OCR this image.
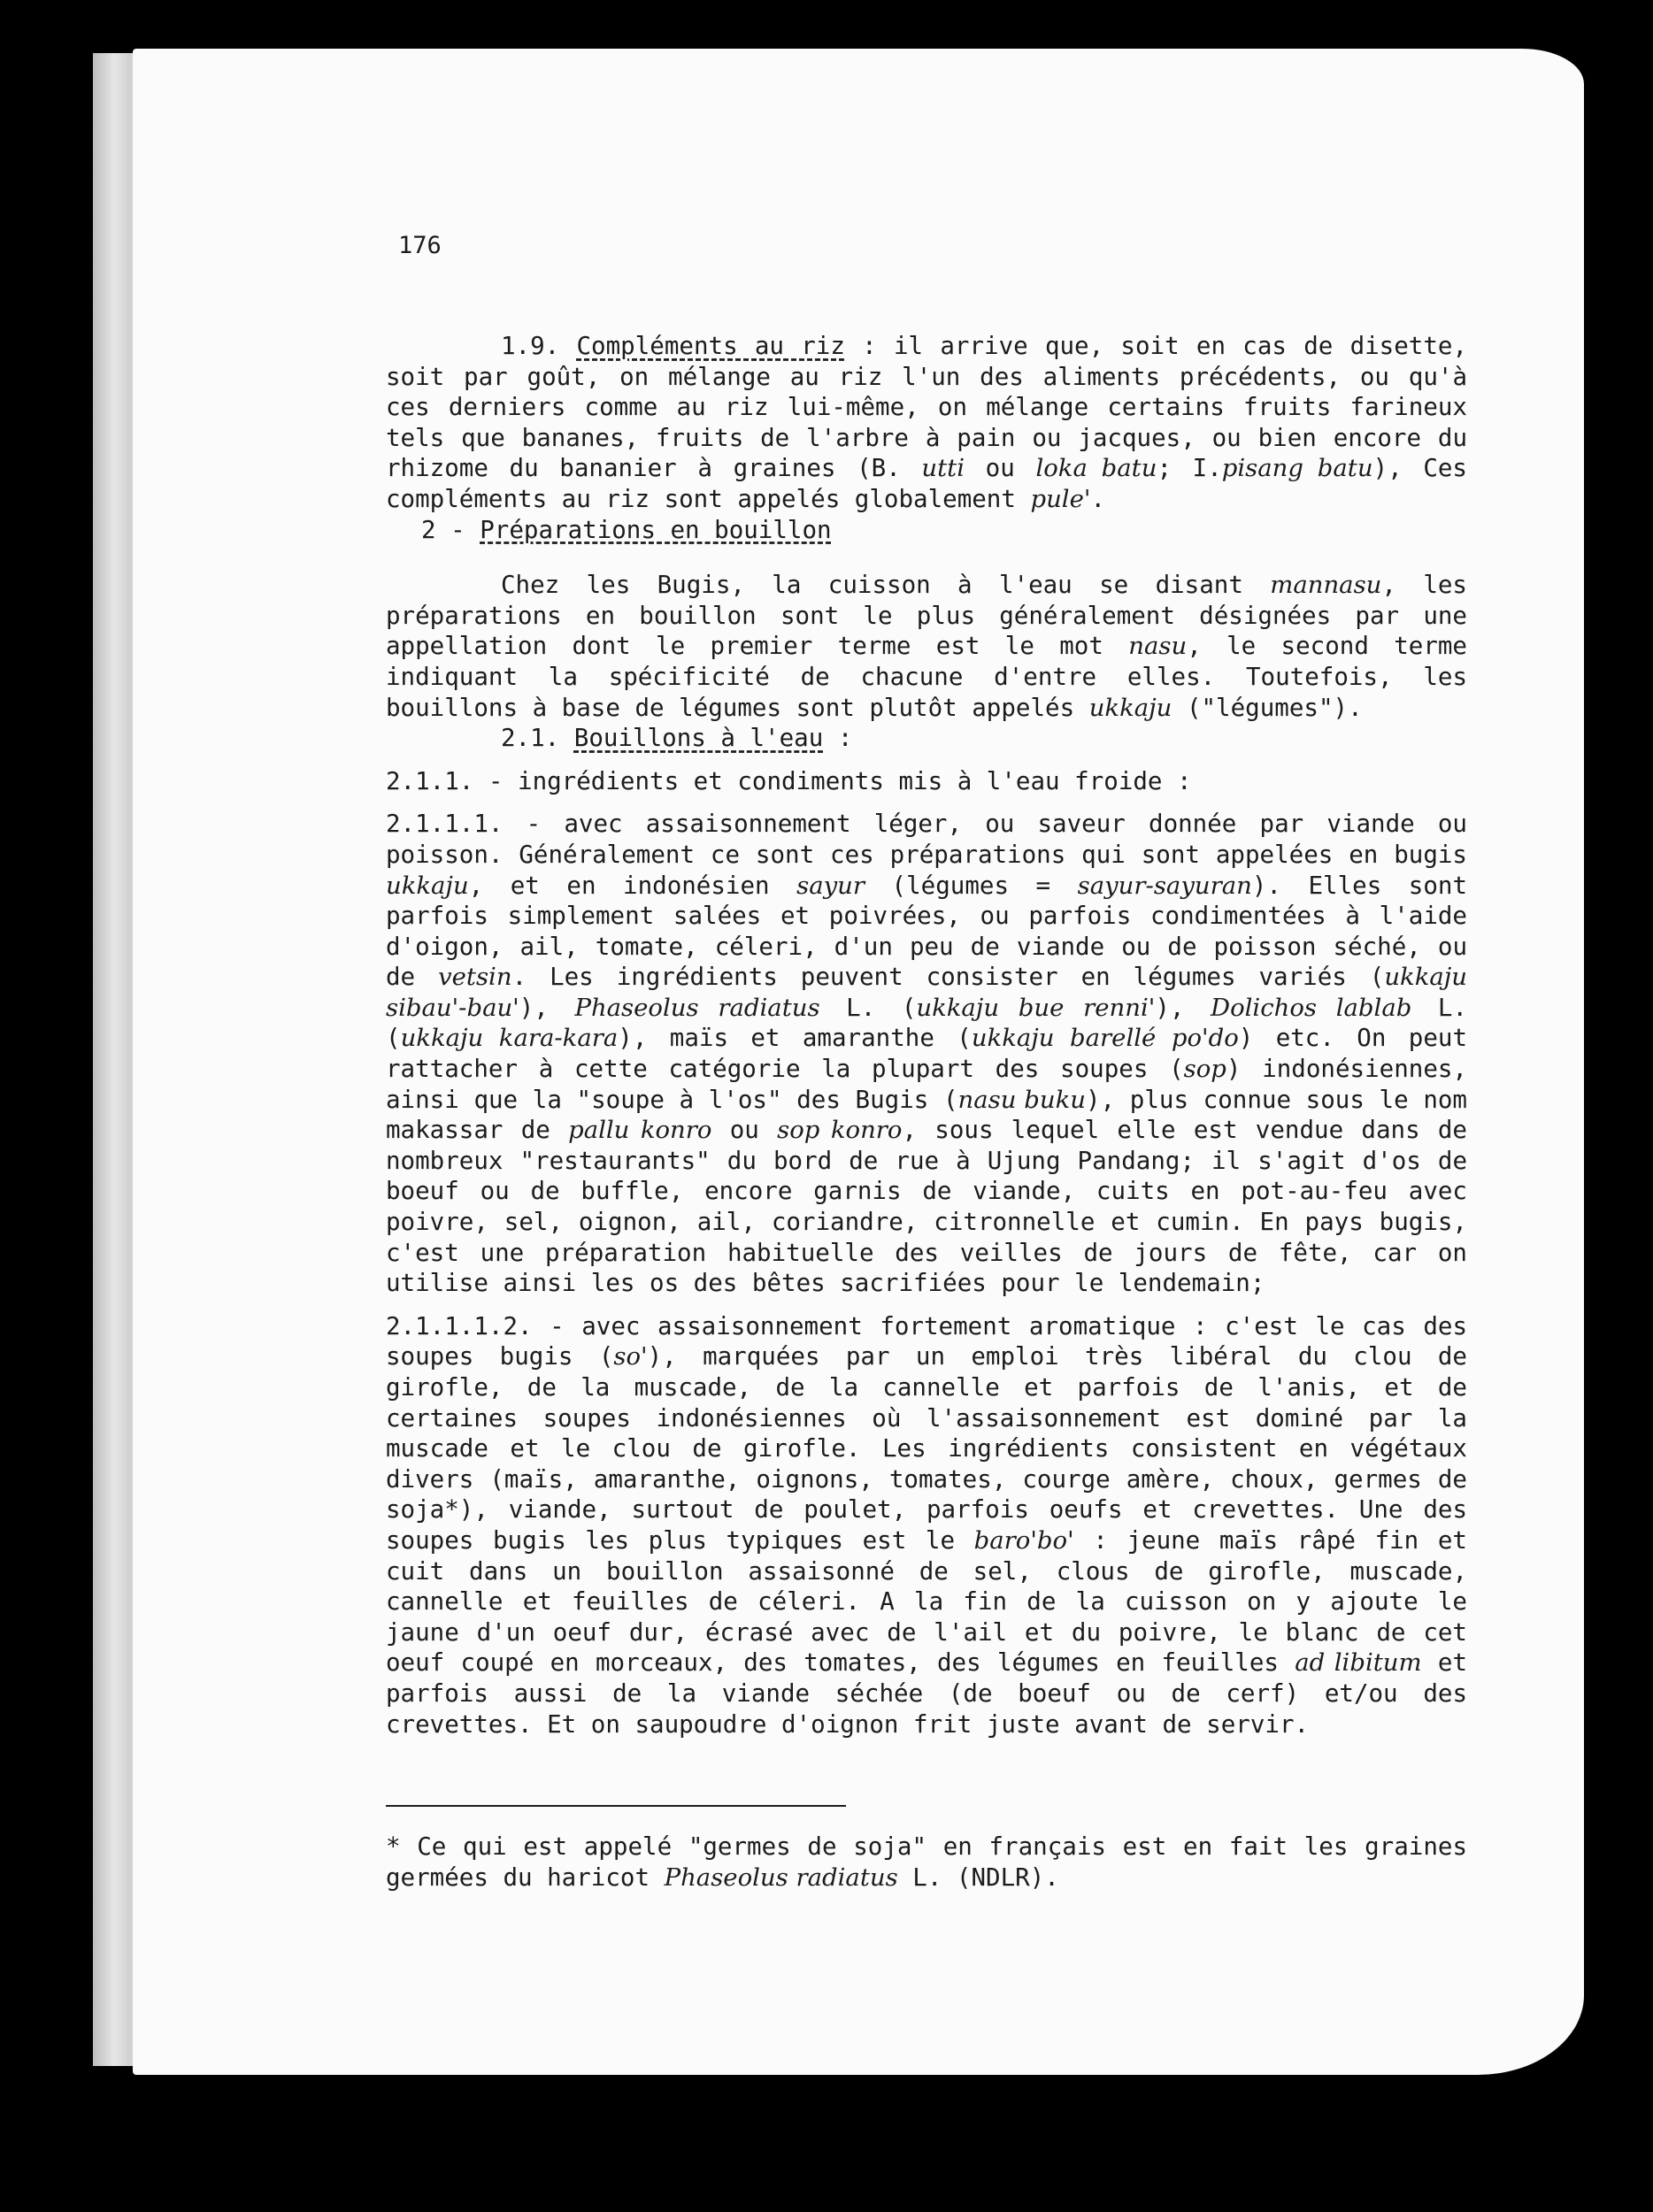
176

1.9. Compléments au riz : il arrive que, soit en cas de disette, soit par goût, on mélange au riz l'un des aliments précédents, ou qu'à ces derniers comme au riz lui-même, on mélange certains fruits farineux tels que bananes, fruits de l'arbre à pain ou jacques, ou bien encore du rhizome du bananier à graines (B. utti ou loka batu; I.pisang batu), Ces compléments au riz sont appelés globalement pule'.

2 - Préparations en bouillon

Chez les Bugis, la cuisson à l'eau se disant mannasu, les préparations en bouillon sont le plus généralement désignées par une appellation dont le premier terme est le mot nasu, le second terme indiquant la spécificité de chacune d'entre elles. Toutefois, les bouillons à base de légumes sont plutôt appelés ukkaju ("légumes").

2.1. Bouillons à l'eau :

2.1.1. - ingrédients et condiments mis à l'eau froide :

2.1.1.1. - avec assaisonnement léger, ou saveur donnée par viande ou poisson. Généralement ce sont ces préparations qui sont appelées en bugis ukkaju, et en indonésien sayur (légumes = sayur-sayuran). Elles sont parfois simplement salées et poivrées, ou parfois condimentées à l'aide d'oigon, ail, tomate, céleri, d'un peu de viande ou de poisson séché, ou de vetsin. Les ingrédients peuvent consister en légumes variés (ukkaju sibau'-bau'), Phaseolus radiatus L. (ukkaju bue renni'), Dolichos lablab L. (ukkaju kara-kara), maïs et amaranthe (ukkaju barellé po'do) etc. On peut rattacher à cette catégorie la plupart des soupes (sop) indonésiennes, ainsi que la "soupe à l'os" des Bugis (nasu buku), plus connue sous le nom makassar de pallu konro ou sop konro, sous lequel elle est vendue dans de nombreux "restaurants" du bord de rue à Ujung Pandang; il s'agit d'os de boeuf ou de buffle, encore garnis de viande, cuits en pot-au-feu avec poivre, sel, oignon, ail, coriandre, citronnelle et cumin. En pays bugis, c'est une préparation habituelle des veilles de jours de fête, car on utilise ainsi les os des bêtes sacrifiées pour le lendemain;

2.1.1.1.2. - avec assaisonnement fortement aromatique : c'est le cas des soupes bugis (so'), marquées par un emploi très libéral du clou de girofle, de la muscade, de la cannelle et parfois de l'anis, et de certaines soupes indonésiennes où l'assaisonnement est dominé par la muscade et le clou de girofle. Les ingrédients consistent en végétaux divers (maïs, amaranthe, oignons, tomates, courge amère, choux, germes de soja*), viande, surtout de poulet, parfois oeufs et crevettes. Une des soupes bugis les plus typiques est le baro'bo' : jeune maïs râpé fin et cuit dans un bouillon assaisonné de sel, clous de girofle, muscade, cannelle et feuilles de céleri. A la fin de la cuisson on y ajoute le jaune d'un oeuf dur, écrasé avec de l'ail et du poivre, le blanc de cet oeuf coupé en morceaux, des tomates, des légumes en feuilles ad libitum et parfois aussi de la viande séchée (de boeuf ou de cerf) et/ou des crevettes. Et on saupoudre d'oignon frit juste avant de servir.

* Ce qui est appelé "germes de soja" en français est en fait les graines germées du haricot Phaseolus radiatus L. (NDLR).
